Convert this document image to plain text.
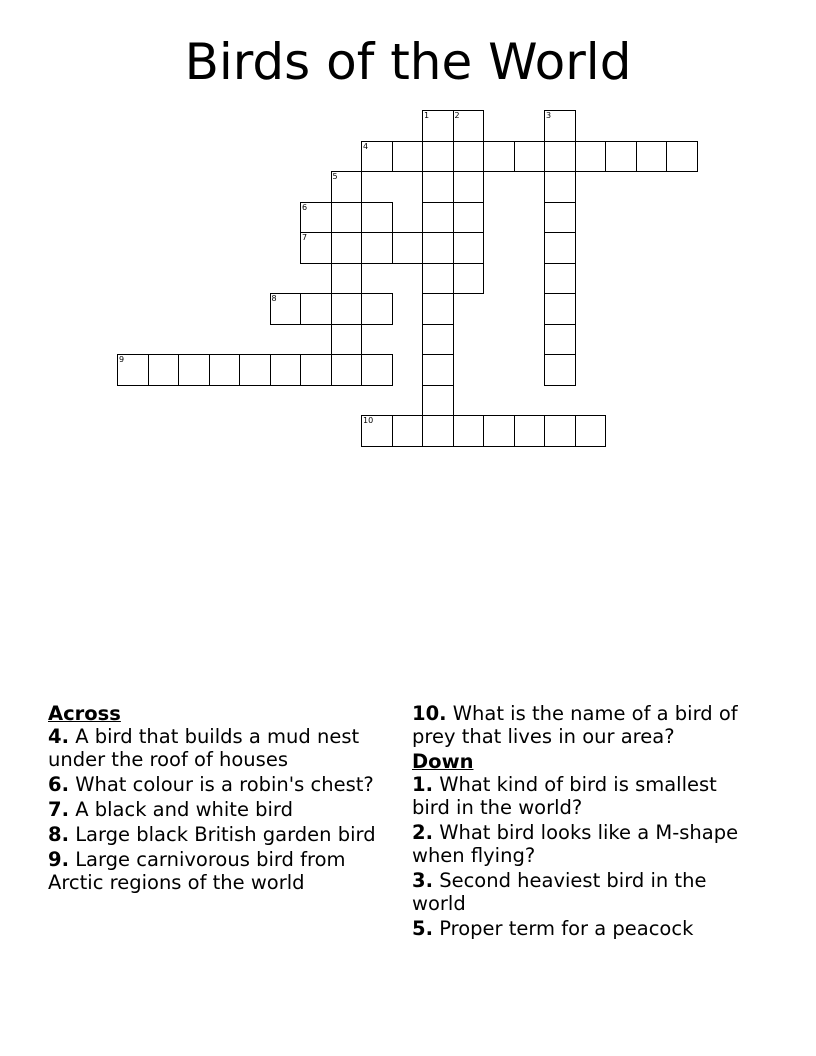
Birds of the World
1	2	3
4
5
6
7
8
9
10
Across
4. A bird that builds a mud nest under the roof of houses
6. What colour is a robin's chest?
7. A black and white bird
8. Large black British garden bird
9. Large carnivorous bird from Arctic regions of the world
10. What is the name of a bird of prey that lives in our area?
Down
1. What kind of bird is smallest bird in the world?
2. What bird looks like a M-shape when flying?
3. Second heaviest bird in the world
5. Proper term for a peacock
